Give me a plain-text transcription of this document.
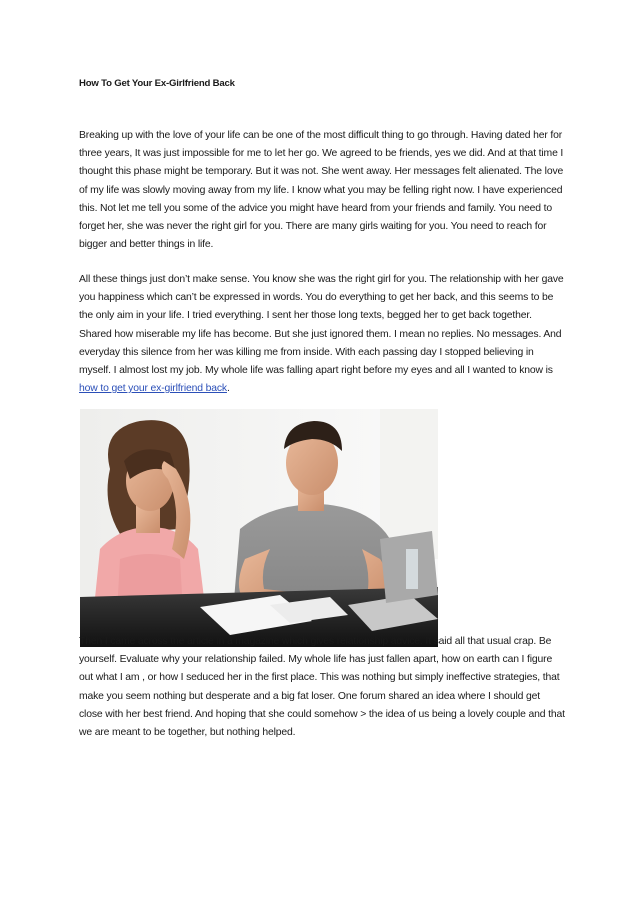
How To Get Your Ex-Girlfriend Back

Breaking up with the love of your life can be one of the most difficult thing to go through. Having dated her for three years, It was just impossible for me to let her go. We agreed to be friends, yes we did. And at that time I thought this phase might be temporary. But it was not. She went away. Her messages felt alienated. The love of my life was slowly moving away from my life. I know what you may be felling right now. I have experienced this. Not let me tell you some of the advice you might have heard from your friends and family. You need to forget her, she was never the right girl for you. There are many girls waiting for you. You need to reach for bigger and better things in life.

All these things just don’t make sense. You know she was the right girl for you. The relationship with her gave you happiness which can’t be expressed in words. You do everything to get her back, and this seems to be the only aim in your life. I tried everything. I sent her those long texts, begged her to get back together. Shared how miserable my life has become. But she just ignored them. I mean no replies. No messages. And everyday this silence from her was killing me from inside. With each passing day I stopped believing in myself. I almost lost my job. My whole life was falling apart right before my eyes and all I wanted to know is how to get your ex-girlfriend back.

Then I came across the article in a magazine which gives relationship advice. It said all that usual crap. Be yourself. Evaluate why your relationship failed. My whole life has just fallen apart, how on earth can I figure out what I am , or how I seduced her in the first place. This was nothing but simply ineffective strategies, that make you seem nothing but desperate and a big fat loser. One forum shared an idea where I should get close with her best friend. And hoping that she could somehow > the idea of us being a lovely couple and that we are meant to be together, but nothing helped.
